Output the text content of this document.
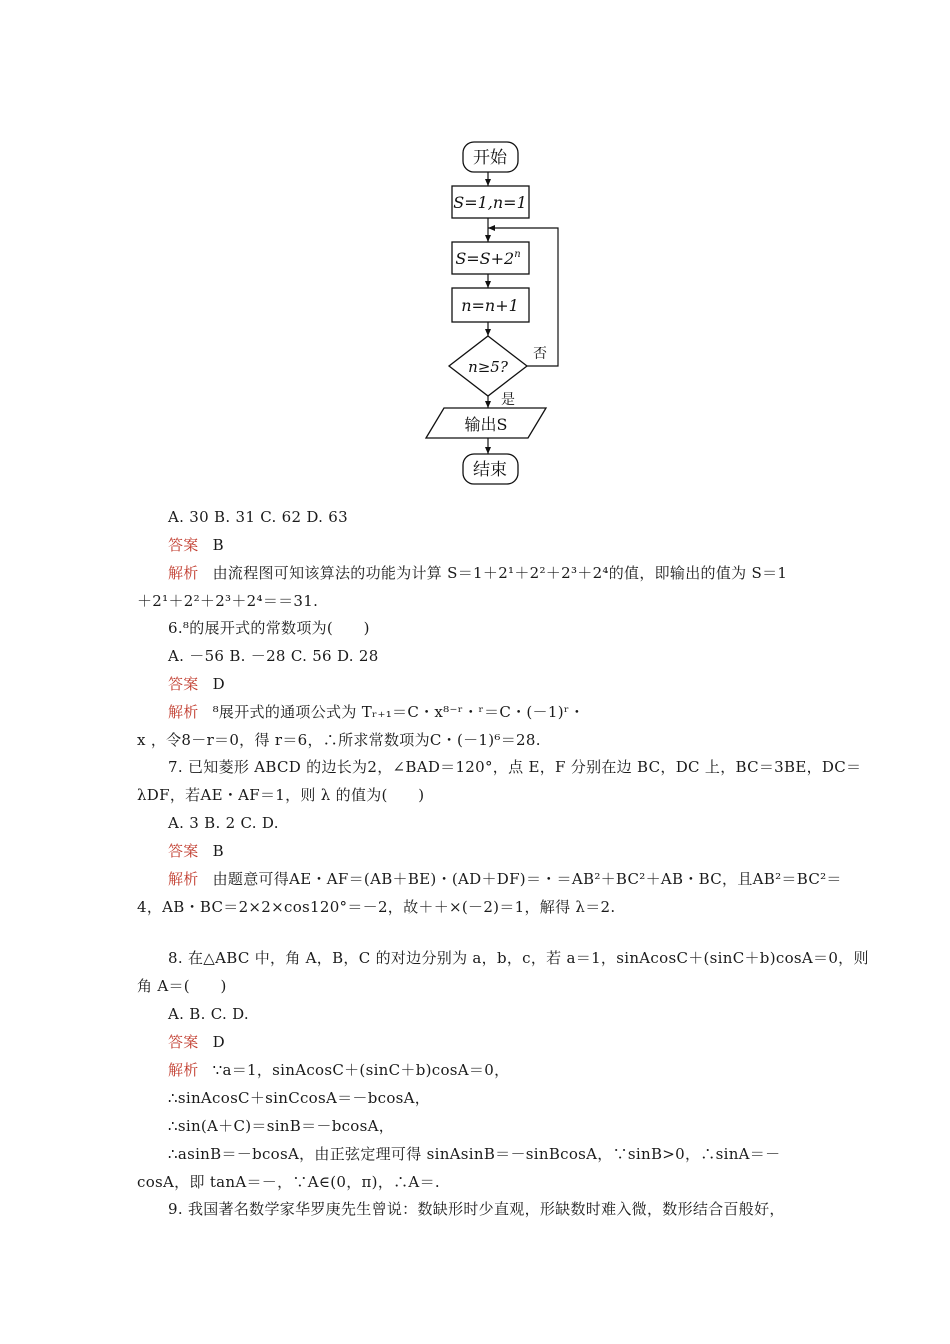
开始
S=1,n=1
$S=S+2^n$
n=n+1
n≥5?
否
是
输出S
结束
A. 30 B. 31 C. 62 D. 63
答案 B
解析 由流程图可知该算法的功能为计算 S＝1＋2¹＋2²＋2³＋2⁴的值，即输出的值为 S＝1
＋2¹＋2²＋2³＋2⁴＝＝31.
6.⁸的展开式的常数项为(　　)
A. －56 B. －28 C. 56 D. 28
答案 D
解析 ⁸展开式的通项公式为 Tᵣ₊₁＝C・x⁸⁻ʳ・ʳ＝C・(－1)ʳ・
x ，令8－r＝0，得 r＝6，∴所求常数项为C・(－1)⁶＝28.
7. 已知菱形 ABCD 的边长为2，∠BAD＝120°，点 E，F 分别在边 BC，DC 上，BC＝3BE，DC＝
λDF，若AE・AF＝1，则 λ 的值为(　　)
A. 3 B. 2 C. D.
答案 B
解析 由题意可得AE・AF＝(AB＋BE)・(AD＋DF)＝・＝AB²＋BC²＋AB・BC，且AB²＝BC²＝
4，AB・BC＝2×2×cos120°＝－2，故＋＋×(－2)＝1，解得 λ＝2.
8. 在△ABC 中，角 A，B，C 的对边分别为 a，b，c，若 a＝1，sinAcosC＋(sinC＋b)cosA＝0，则
角 A＝(　　)
A. B. C. D.
答案 D
解析 ∵a＝1，sinAcosC＋(sinC＋b)cosA＝0，
∴sinAcosC＋sinCcosA＝－bcosA，
∴sin(A＋C)＝sinB＝－bcosA，
∴asinB＝－bcosA，由正弦定理可得 sinAsinB＝－sinBcosA，∵sinB>0，∴sinA＝－
cosA，即 tanA＝－，∵A∈(0，π)，∴A＝.
9. 我国著名数学家华罗庚先生曾说：数缺形时少直观，形缺数时难入微，数形结合百般好，
